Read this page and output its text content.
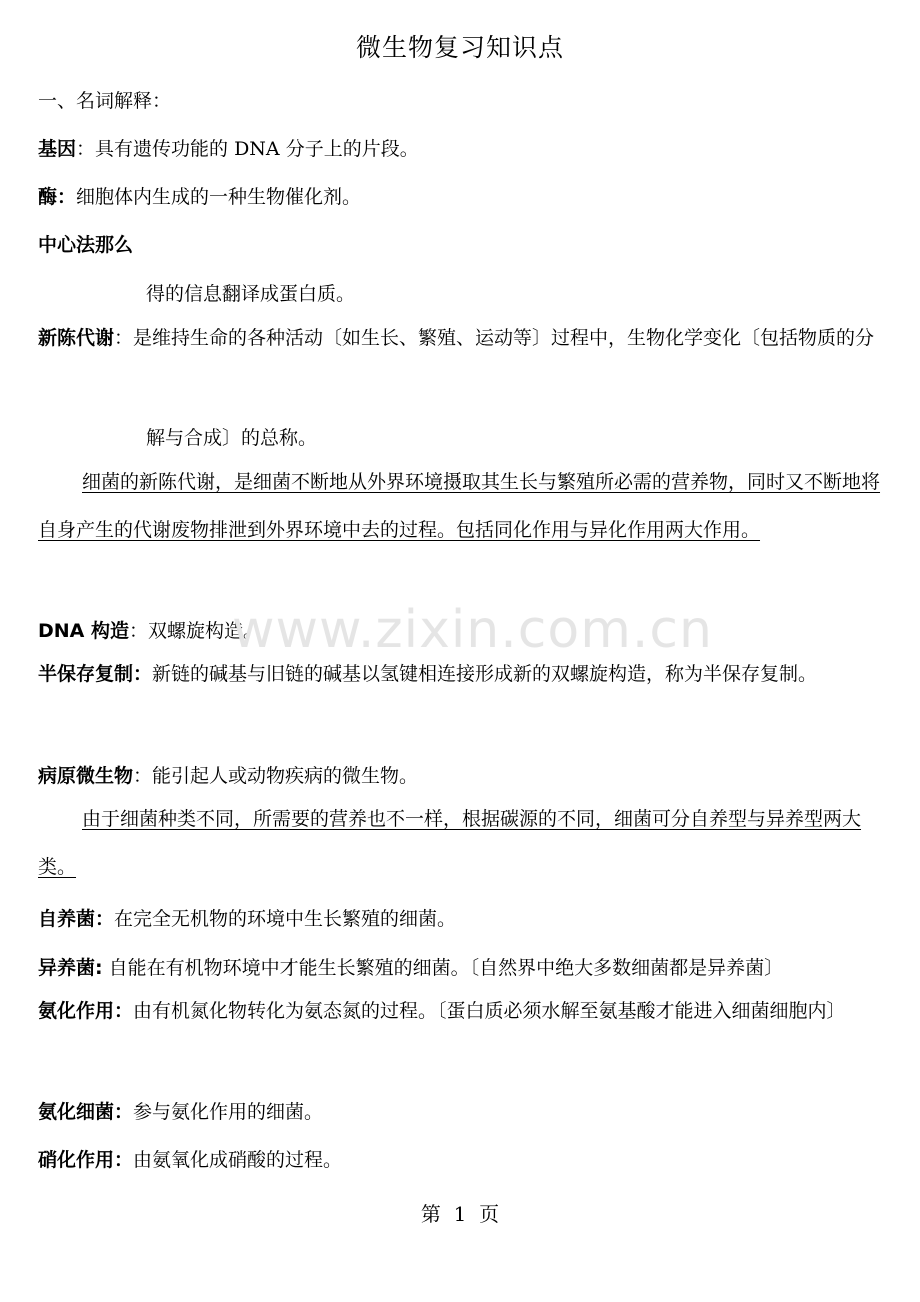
微生物复习知识点
一、名词解释：
基因：具有遗传功能的 DNA 分子上的片段。
酶：细胞体内生成的一种生物催化剂。
中心法那么
得的信息翻译成蛋白质。
新陈代谢：是维持生命的各种活动〔如生长、繁殖、运动等〕过程中，生物化学变化〔包括物质的分
解与合成〕的总称。
细菌的新陈代谢，是细菌不断地从外界环境摄取其生长与繁殖所必需的营养物，同时又不断地将自身产生的代谢废物排泄到外界环境中去的过程。包括同化作用与异化作用两大作用。
DNA 构造：双螺旋构造。
半保存复制：新链的碱基与旧链的碱基以氢键相连接形成新的双螺旋构造，称为半保存复制。
病原微生物：能引起人或动物疾病的微生物。
由于细菌种类不同，所需要的营养也不一样，根据碳源的不同，细菌可分自养型与异养型两大类。
自养菌：在完全无机物的环境中生长繁殖的细菌。
异养菌: 自能在有机物环境中才能生长繁殖的细菌。〔自然界中绝大多数细菌都是异养菌〕
氨化作用：由有机氮化物转化为氨态氮的过程。〔蛋白质必须水解至氨基酸才能进入细菌细胞内〕
氨化细菌：参与氨化作用的细菌。
硝化作用：由氨氧化成硝酸的过程。
www.zixin.com.cn
第  1  页
